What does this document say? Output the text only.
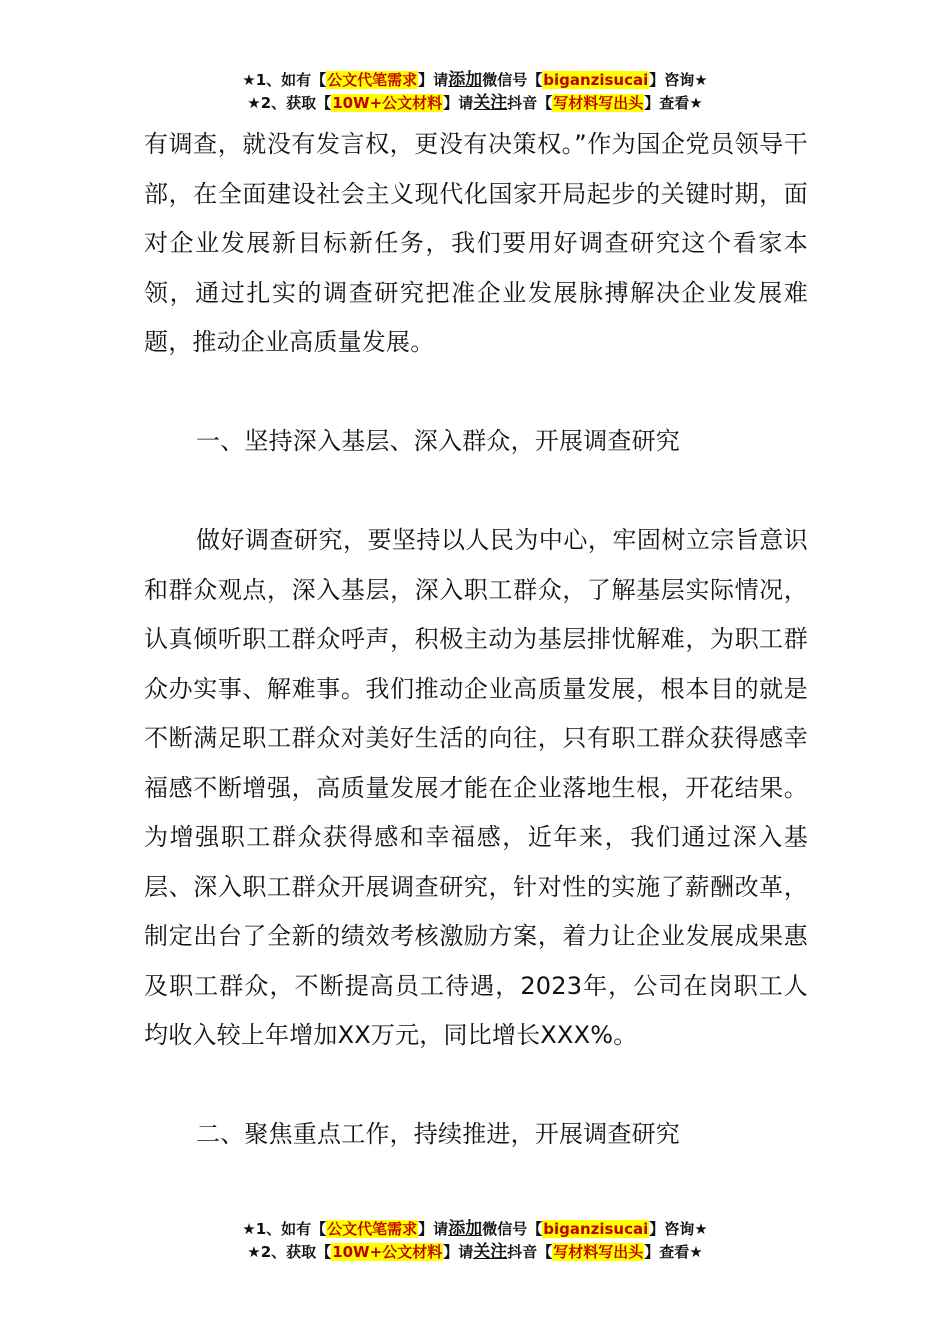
★1、如有【公文代笔需求】请添加微信号【biganzisucai】咨询★
★2、获取【10W+公文材料】请关注抖音【写材料写出头】查看★

有调查，就没有发言权，更没有决策权。”作为国企党员领导干部，在全面建设社会主义现代化国家开局起步的关键时期，面对企业发展新目标新任务，我们要用好调查研究这个看家本领，通过扎实的调查研究把准企业发展脉搏解决企业发展难题，推动企业高质量发展。

一、坚持深入基层、深入群众，开展调查研究

做好调查研究，要坚持以人民为中心，牢固树立宗旨意识和群众观点，深入基层，深入职工群众，了解基层实际情况，认真倾听职工群众呼声，积极主动为基层排忧解难，为职工群众办实事、解难事。我们推动企业高质量发展，根本目的就是不断满足职工群众对美好生活的向往，只有职工群众获得感幸福感不断增强，高质量发展才能在企业落地生根，开花结果。为增强职工群众获得感和幸福感，近年来，我们通过深入基层、深入职工群众开展调查研究，针对性的实施了薪酬改革，制定出台了全新的绩效考核激励方案，着力让企业发展成果惠及职工群众，不断提高员工待遇，2023年，公司在岗职工人均收入较上年增加XX万元，同比增长XXX%。

二、聚焦重点工作，持续推进，开展调查研究

★1、如有【公文代笔需求】请添加微信号【biganzisucai】咨询★
★2、获取【10W+公文材料】请关注抖音【写材料写出头】查看★
